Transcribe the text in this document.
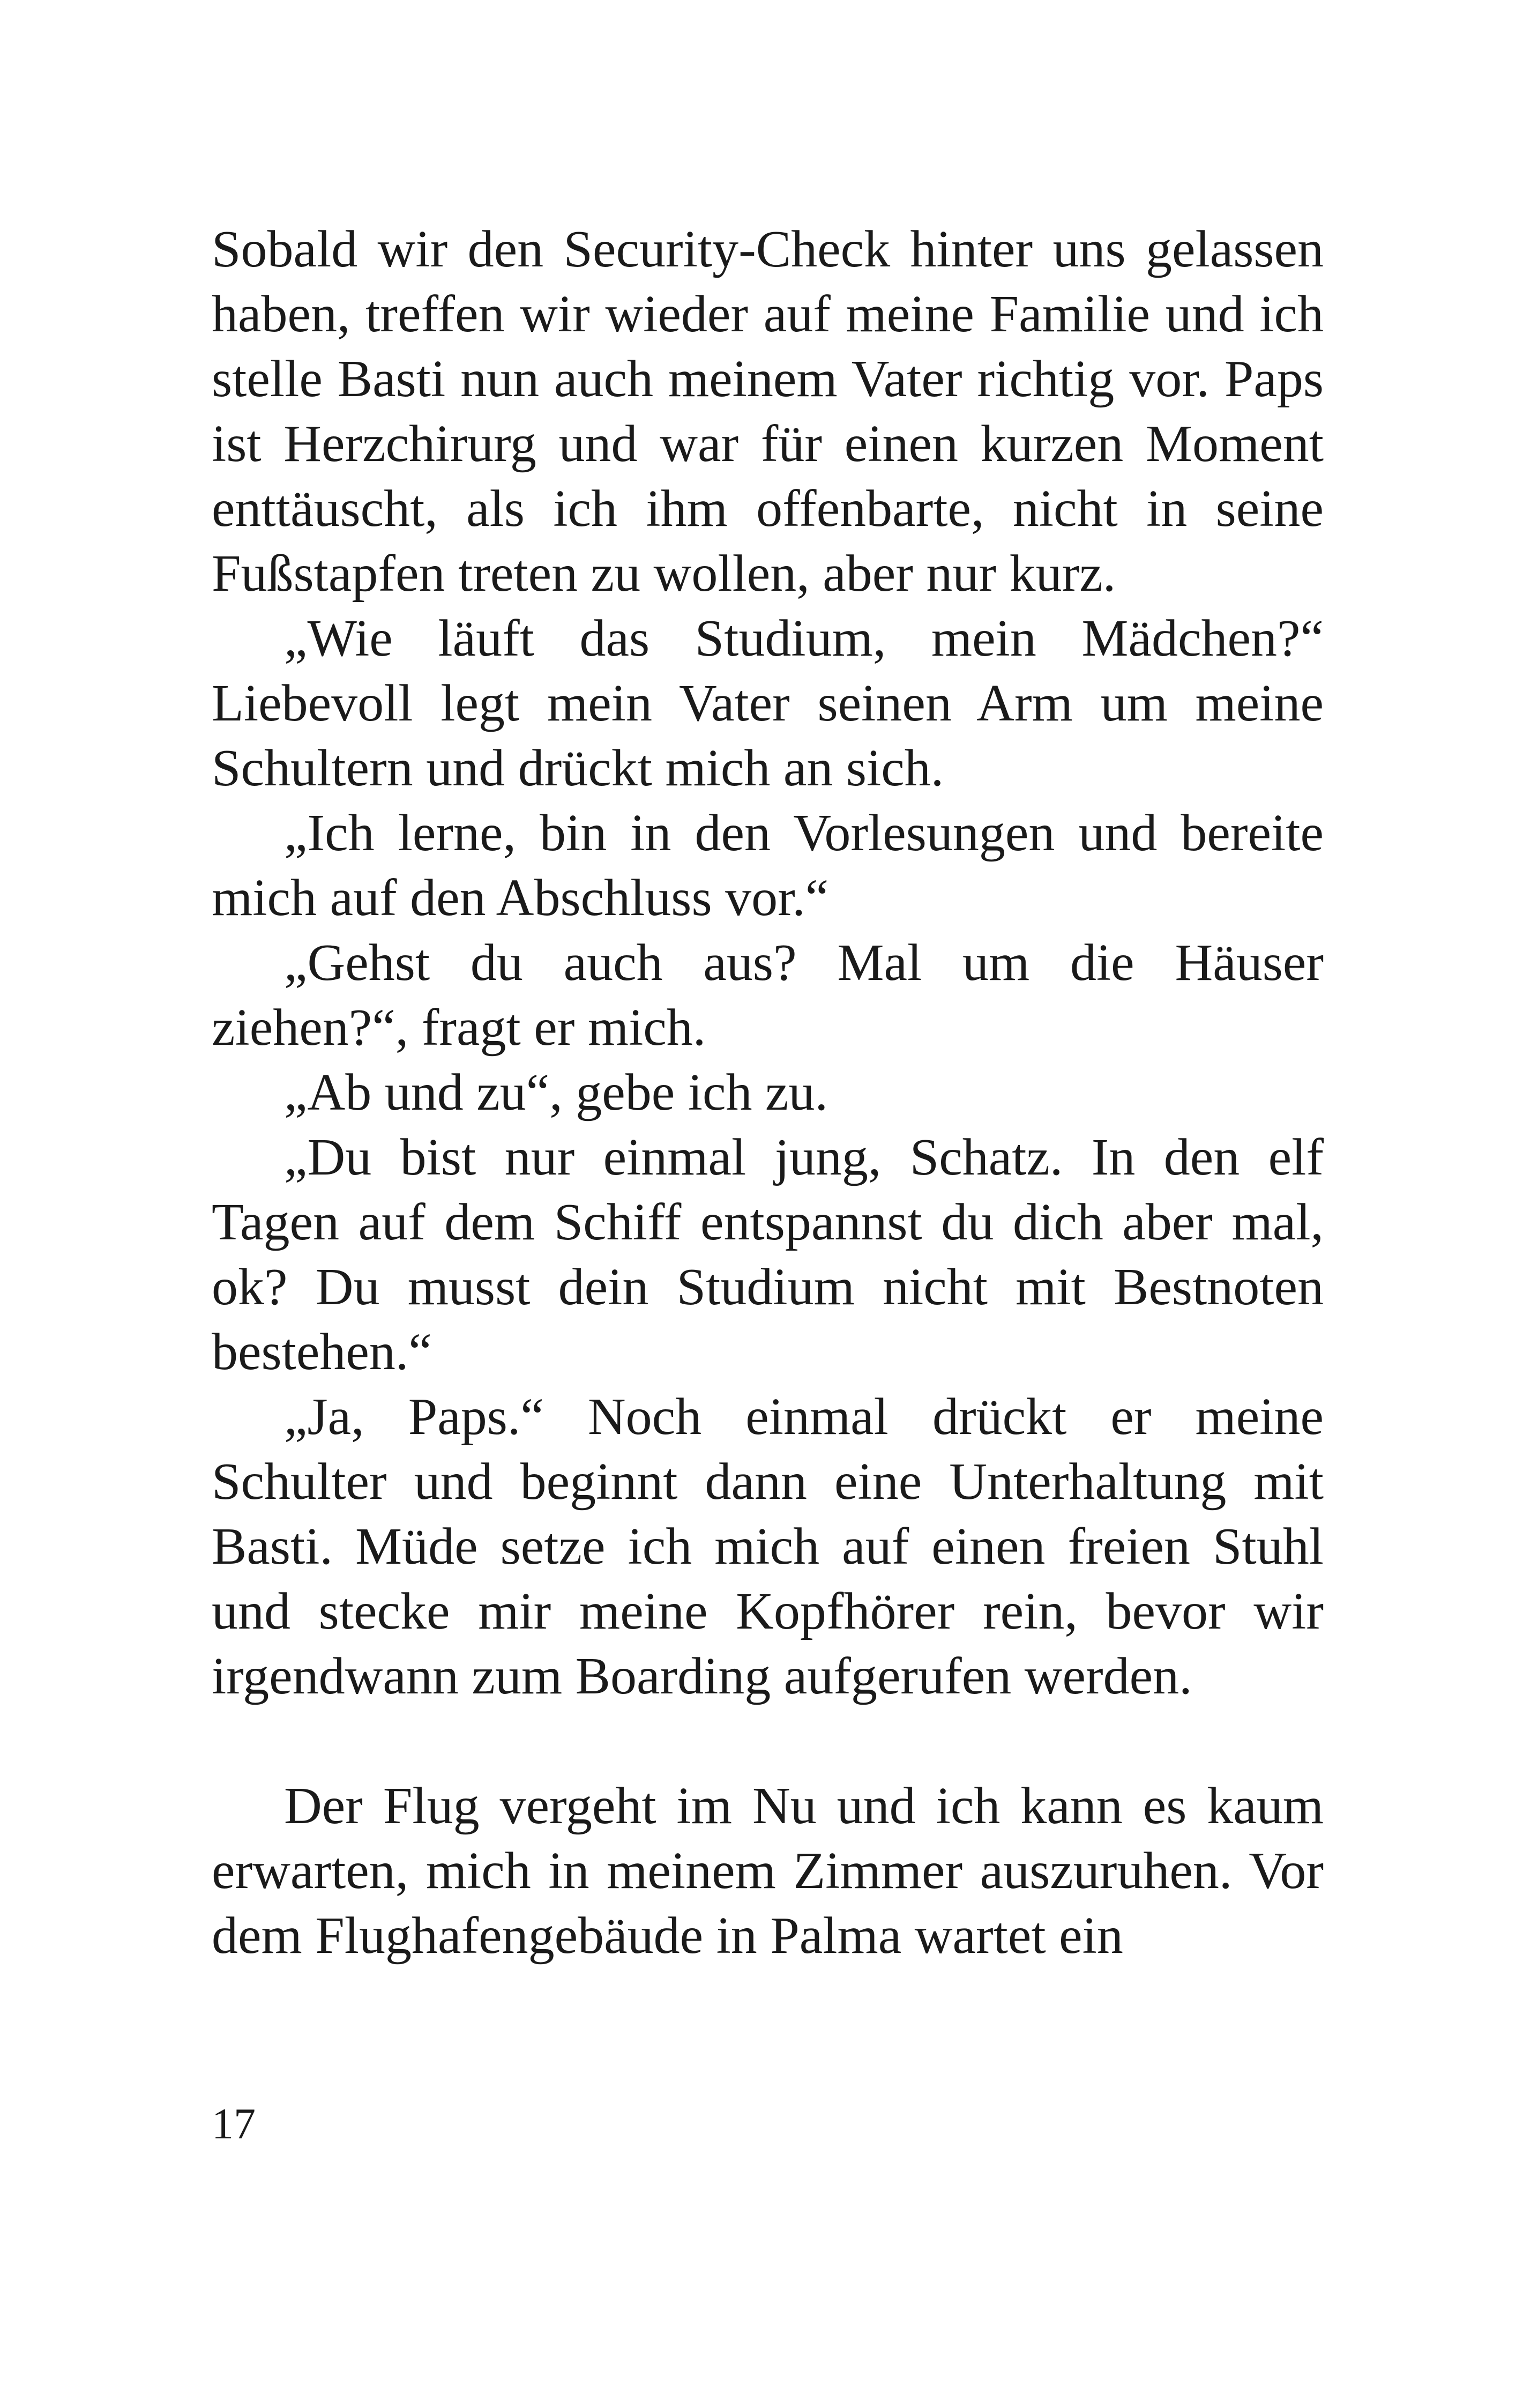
Sobald wir den Security-Check hinter uns gelassen haben, treffen wir wieder auf meine Familie und ich stelle Basti nun auch meinem Vater richtig vor. Paps ist Herzchirurg und war für einen kurzen Moment enttäuscht, als ich ihm offenbarte, nicht in seine Fußstapfen treten zu wollen, aber nur kurz.

„Wie läuft das Studium, mein Mädchen?“ Liebevoll legt mein Vater seinen Arm um meine Schultern und drückt mich an sich.

„Ich lerne, bin in den Vorlesungen und bereite mich auf den Abschluss vor.“

„Gehst du auch aus? Mal um die Häuser ziehen?“, fragt er mich.

„Ab und zu“, gebe ich zu.

„Du bist nur einmal jung, Schatz. In den elf Tagen auf dem Schiff entspannst du dich aber mal, ok? Du musst dein Studium nicht mit Bestnoten bestehen.“

„Ja, Paps.“ Noch einmal drückt er meine Schulter und beginnt dann eine Unterhaltung mit Basti. Müde setze ich mich auf einen freien Stuhl und stecke mir meine Kopfhörer rein, bevor wir irgendwann zum Boarding aufgerufen werden.

Der Flug vergeht im Nu und ich kann es kaum erwarten, mich in meinem Zimmer auszuruhen. Vor dem Flughafengebäude in Palma wartet ein

17
